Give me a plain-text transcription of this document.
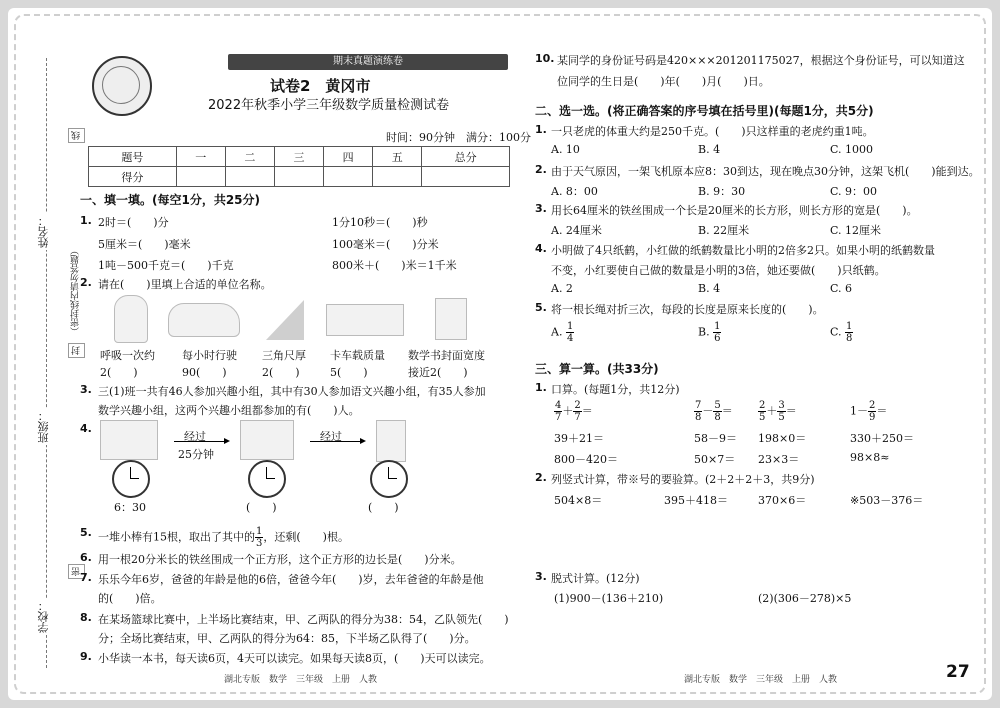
姓名：
班级：
学校：
线
封
密
（密封线内请勿答题）
期末真题演练卷
试卷2　黄冈市
2022年秋季小学三年级数学质量检测试卷
时间：90分钟　满分：100分
题号	一	二	三	四	五	总分
得分						
一、填一填。(每空1分，共25分)
1. 2时＝(　　)分	1分10秒＝(　　)秒
5厘米＝(　　)毫米	100毫米＝(　　)分米
1吨－500千克＝(　　)千克	800米＋(　　)米＝1千米
2. 请在(　　)里填上合适的单位名称。
呼吸一次约
2(　　)
每小时行驶
90(　　)
三角尺厚
2(　　)
卡车载质量
5(　　)
数学书封面宽度
接近2(　　)
3. 三(1)班一共有46人参加兴趣小组，其中有30人参加语文兴趣小组，有35人参加
数学兴趣小组，这两个兴趣小组都参加的有(　　)人。
4.
经过
25分钟
经过
6：30	(　　)	(　　)
5. 一堆小棒有15根，取出了其中的 $\frac{1}{3}$ ，还剩(　　)根。
6. 用一根20分米长的铁丝围成一个正方形，这个正方形的边长是(　　)分米。
7. 乐乐今年6岁，爸爸的年龄是他的6倍，爸爸今年(　　)岁，去年爸爸的年龄是他
的(　　)倍。
8. 在某场篮球比赛中，上半场比赛结束，甲、乙两队的得分为38：54，乙队领先(　　)
分；全场比赛结束，甲、乙两队的得分为64：85，下半场乙队得了(　　)分。
9. 小华读一本书，每天读6页，4天可以读完。如果每天读8页，(　　)天可以读完。
10. 某同学的身份证号码是420×××201201175027，根据这个身份证号，可以知道这
位同学的生日是(　　)年(　　)月(　　)日。
二、选一选。(将正确答案的序号填在括号里)(每题1分，共5分)
1. 一只老虎的体重大约是250千克。(　　)只这样重的老虎约重1吨。
A. 10	B. 4	C. 1000
2. 由于天气原因，一架飞机原本应8：30到达，现在晚点30分钟，这架飞机(　　)能到达。
A. 8：00	B. 9：30	C. 9：00
3. 用长64厘米的铁丝围成一个长是20厘米的长方形，则长方形的宽是(　　)。
A. 24厘米	B. 22厘米	C. 12厘米
4. 小明做了4只纸鹤，小红做的纸鹤数量比小明的2倍多2只。如果小明的纸鹤数量
不变，小红要使自己做的数量是小明的3倍，她还要做(　　)只纸鹤。
A. 2	B. 4	C. 6
5. 将一根长绳对折三次，每段的长度是原来长度的(　　)。
A. $\frac{1}{4}$	B. $\frac{1}{6}$	C. $\frac{1}{8}$
三、算一算。(共33分)
1. 口算。(每题1分，共12分)
$\frac{4}{7} + \frac{2}{7}$ ＝	$\frac{7}{8} - \frac{5}{8}$ ＝	$\frac{2}{5} + \frac{3}{5}$ ＝	$1- \frac{2}{9}$ ＝
39＋21＝	58－9＝ 198×0＝	330＋250＝
800－420＝	50×7＝ 23×3＝	98×8≈
2. 列竖式计算，带※号的要验算。(2＋2＋2＋3，共9分)
504×8＝	395＋418＝	370×6＝	※503－376＝
3. 脱式计算。(12分)
(1)900－(136＋210)	(2)(306－278)×5
湖北专版　数学　三年级　上册　人教	湖北专版　数学　三年级　上册　人教	27
